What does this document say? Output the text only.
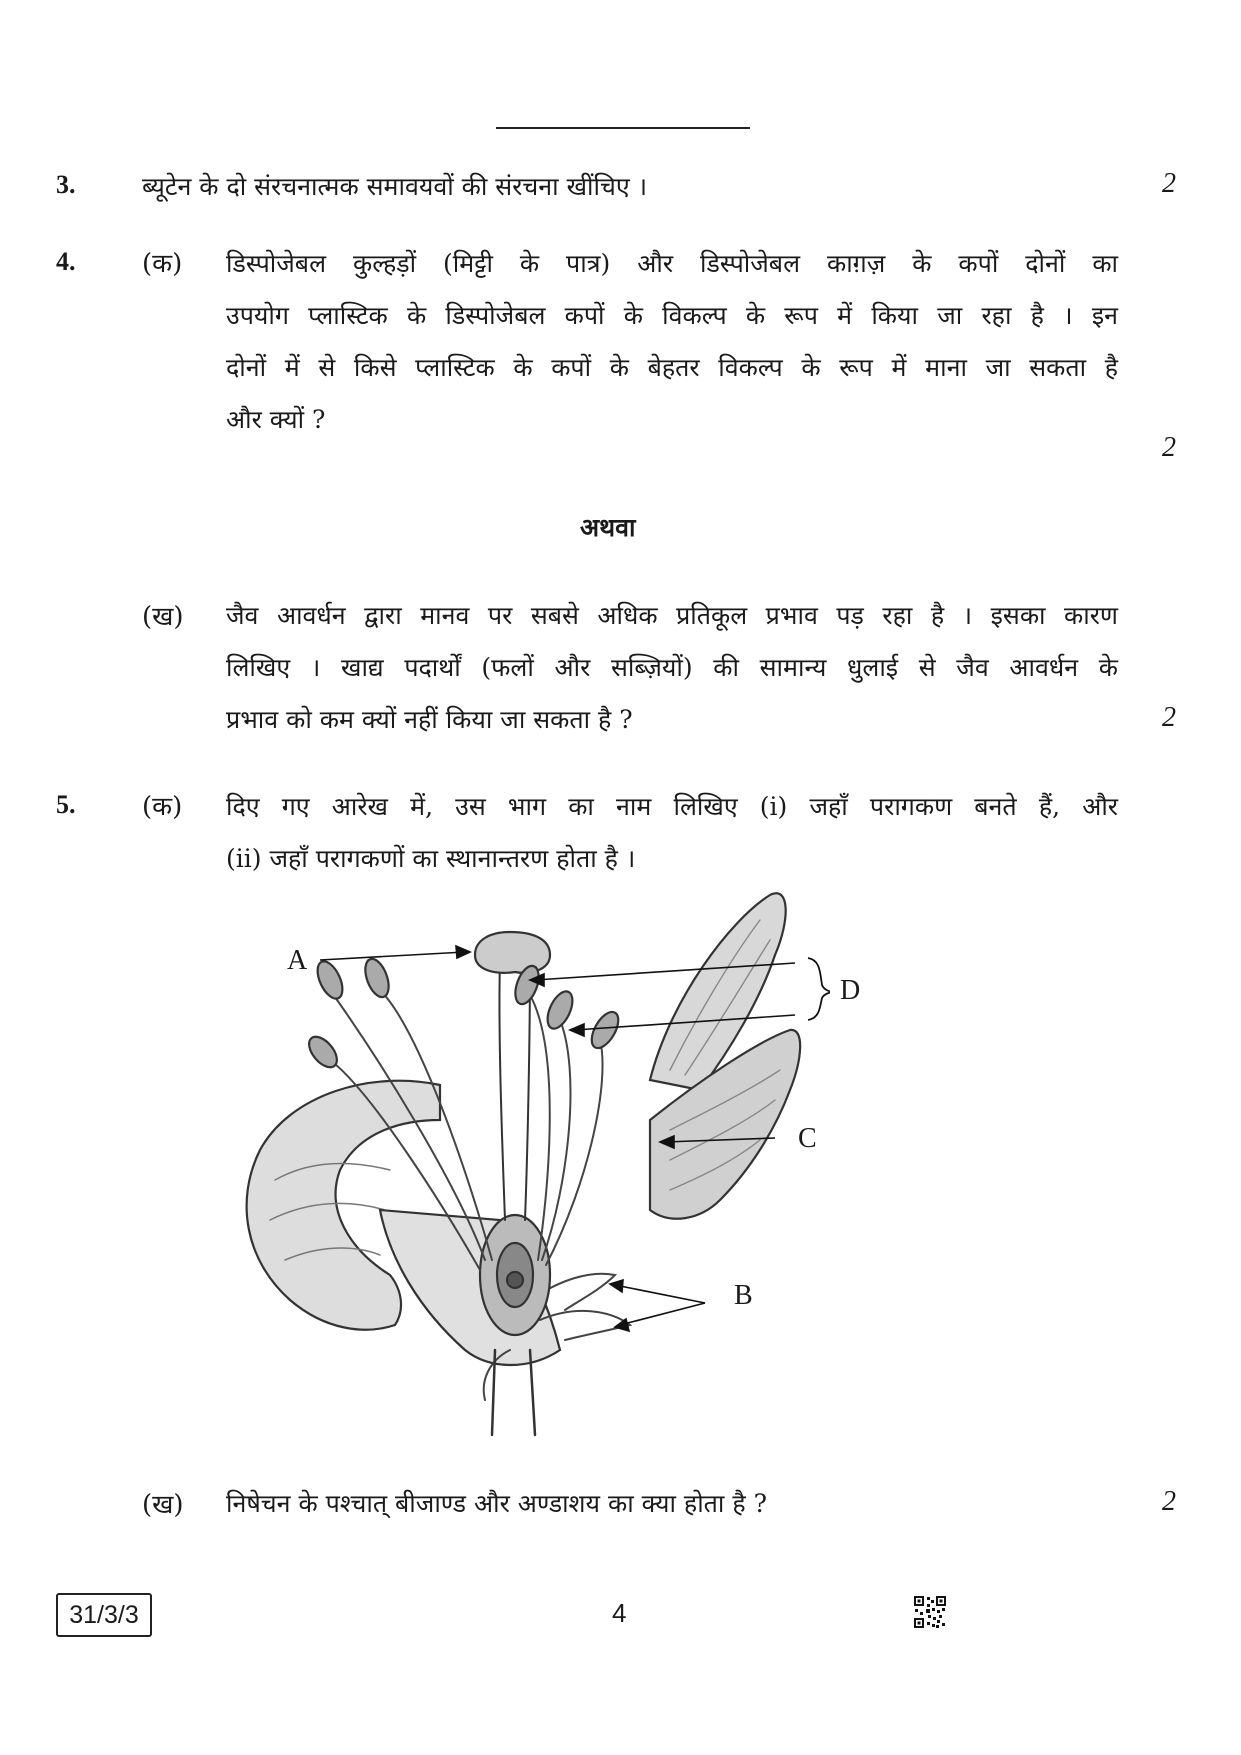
3.	ब्यूटेन के दो संरचनात्मक समावयवों की संरचना खींचिए ।	2
4.	(क) डिस्पोजेबल कुल्हड़ों (मिट्टी के पात्र) और डिस्पोजेबल काग़ज़ के कपों दोनों का
उपयोग प्लास्टिक के डिस्पोजेबल कपों के विकल्प के रूप में किया जा रहा है । इन
दोनों में से किसे प्लास्टिक के कपों के बेहतर विकल्प के रूप में माना जा सकता है
और क्यों ?
2
अथवा
(ख) जैव आवर्धन द्वारा मानव पर सबसे अधिक प्रतिकूल प्रभाव पड़ रहा है । इसका कारण
लिखिए । खाद्य पदार्थों (फलों और सब्ज़ियों) की सामान्य धुलाई से जैव आवर्धन के
प्रभाव को कम क्यों नहीं किया जा सकता है ?	2
5.	(क) दिए गए आरेख में, उस भाग का नाम लिखिए (i) जहाँ परागकण बनते हैं, और
(ii) जहाँ परागकणों का स्थानान्तरण होता है ।
A
D
C
B
(ख) निषेचन के पश्चात् बीजाण्ड और अण्डाशय का क्या होता है ?	2
31/3/3	4
